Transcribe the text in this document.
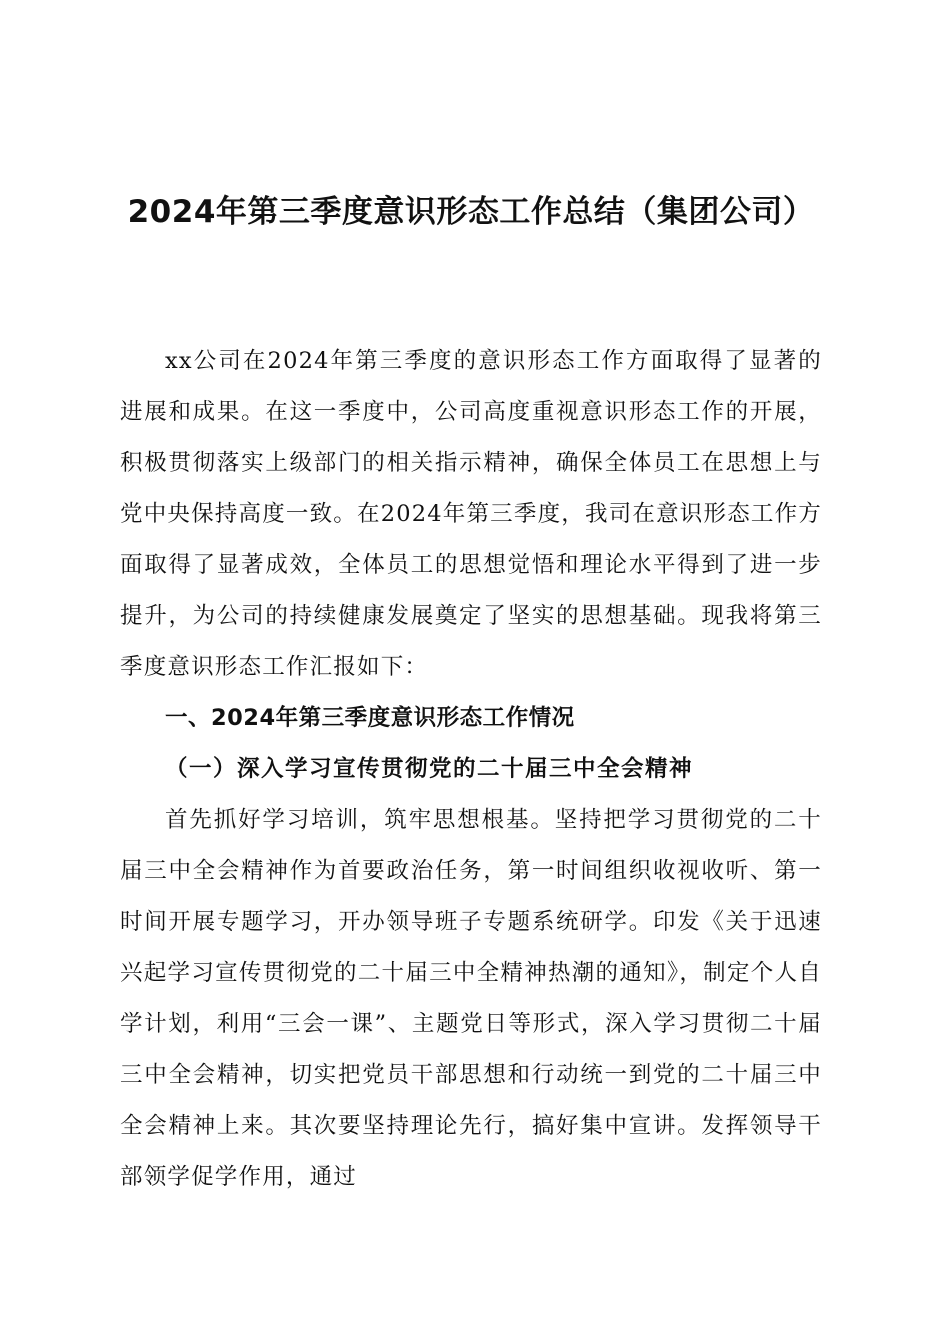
2024年第三季度意识形态工作总结（集团公司）

xx公司在2024年第三季度的意识形态工作方面取得了显著的进展和成果。在这一季度中，公司高度重视意识形态工作的开展，积极贯彻落实上级部门的相关指示精神，确保全体员工在思想上与党中央保持高度一致。在2024年第三季度，我司在意识形态工作方面取得了显著成效，全体员工的思想觉悟和理论水平得到了进一步提升，为公司的持续健康发展奠定了坚实的思想基础。现我将第三季度意识形态工作汇报如下：

一、2024年第三季度意识形态工作情况

（一）深入学习宣传贯彻党的二十届三中全会精神

首先抓好学习培训，筑牢思想根基。坚持把学习贯彻党的二十届三中全会精神作为首要政治任务，第一时间组织收视收听、第一时间开展专题学习，开办领导班子专题系统研学。印发《关于迅速兴起学习宣传贯彻党的二十届三中全精神热潮的通知》，制定个人自学计划，利用“三会一课”、主题党日等形式，深入学习贯彻二十届三中全会精神，切实把党员干部思想和行动统一到党的二十届三中全会精神上来。其次要坚持理论先行，搞好集中宣讲。发挥领导干部领学促学作用，通过
